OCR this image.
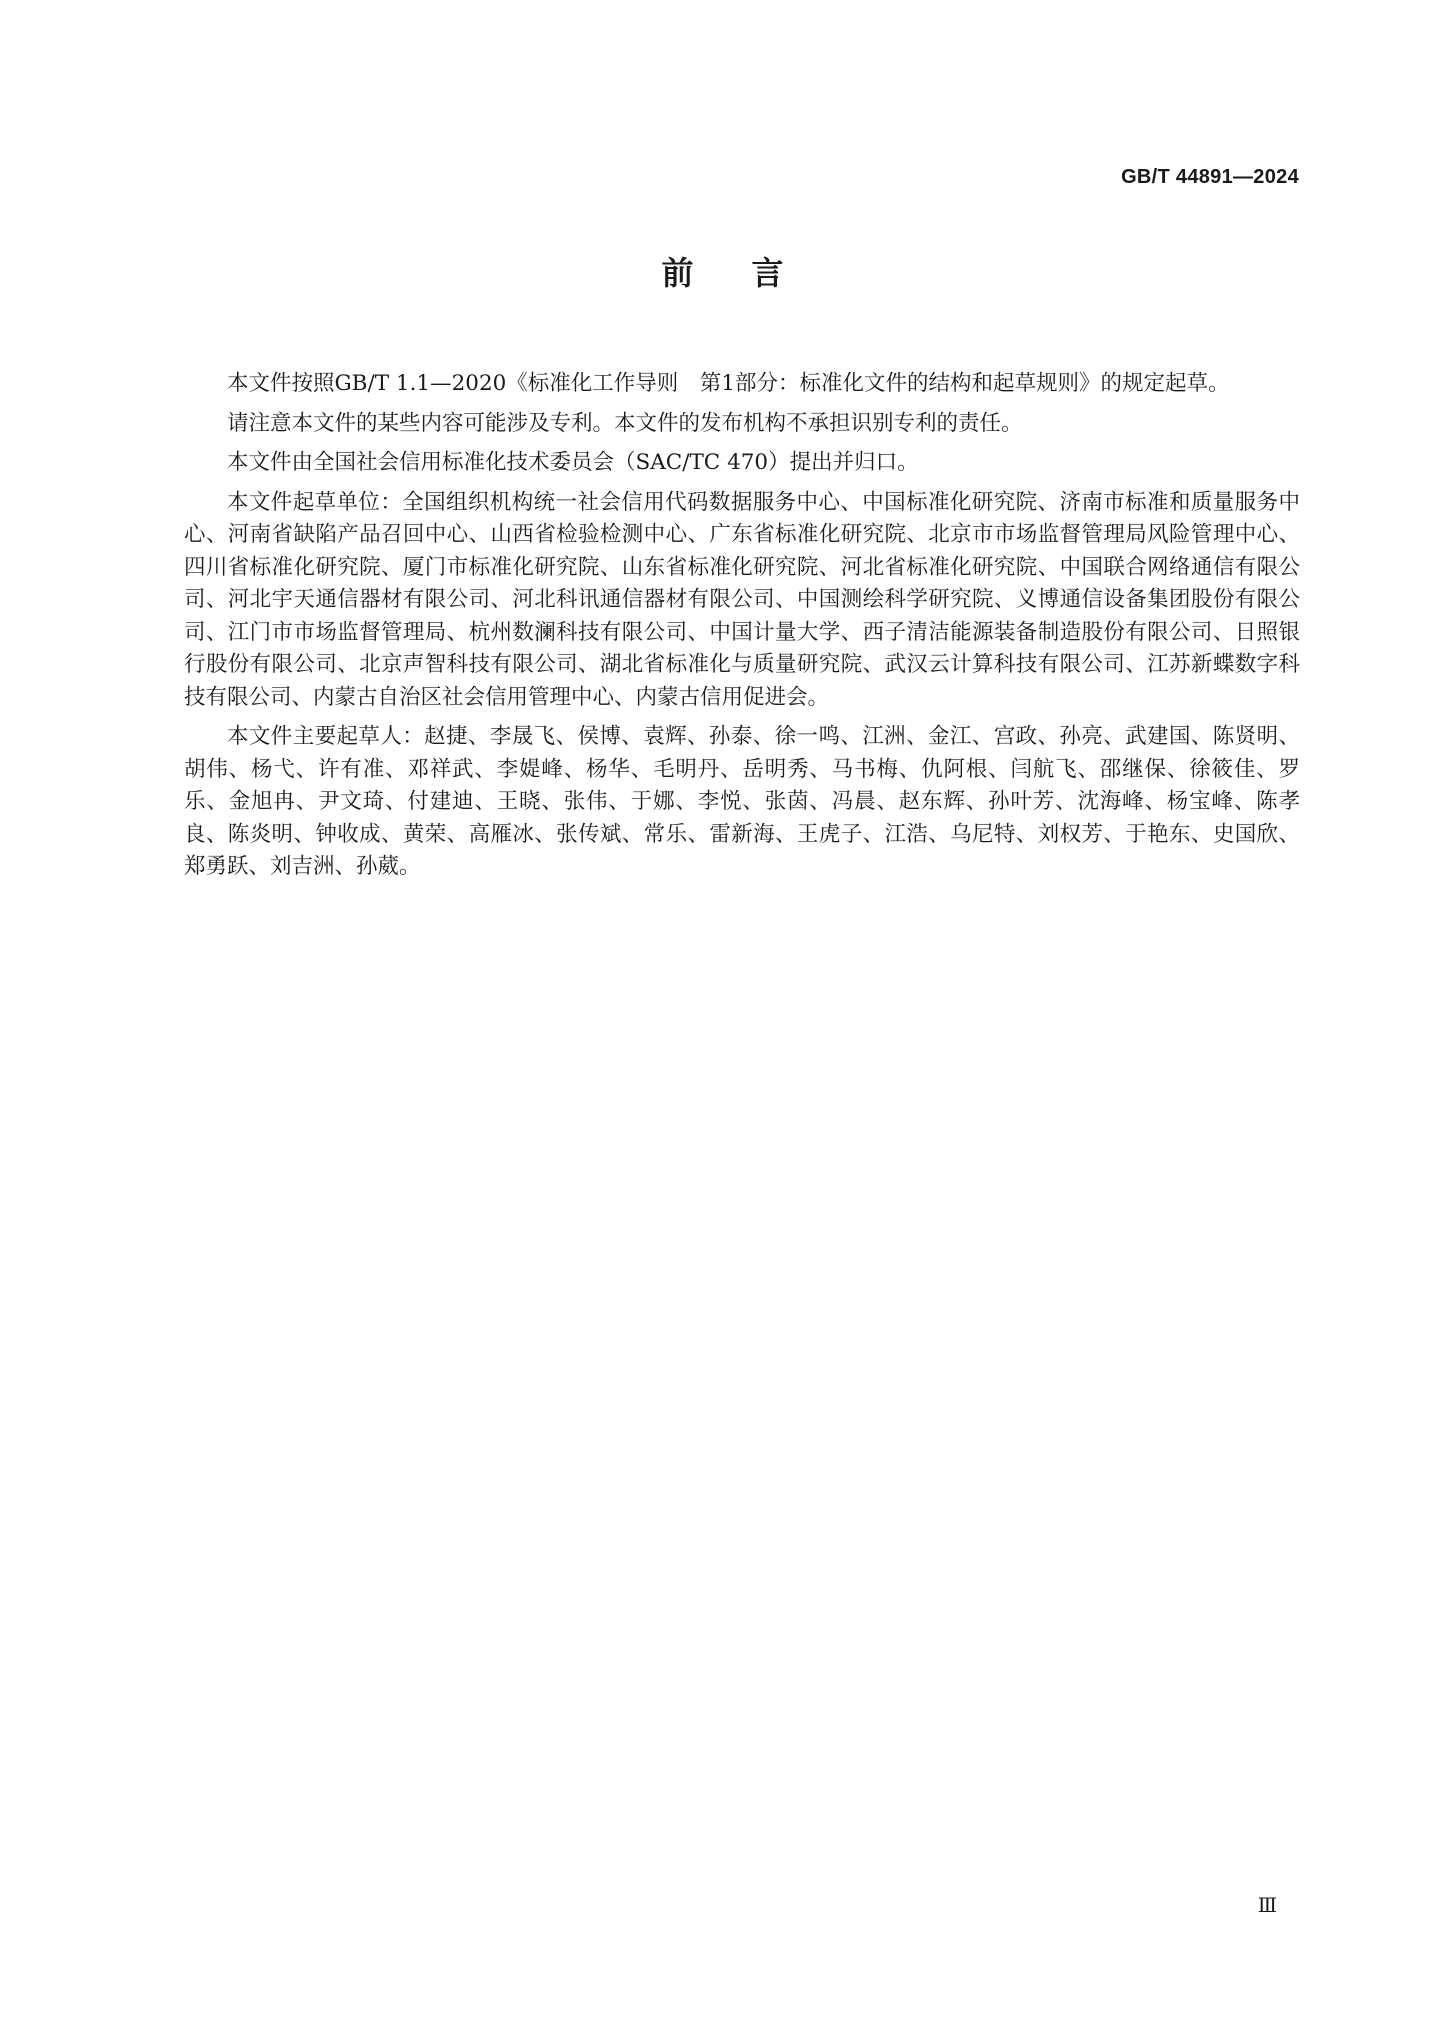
GB/T 44891—2024
前言

本文件按照GB/T 1.1—2020《标准化工作导则　第1部分：标准化文件的结构和起草规则》的规定起草。

请注意本文件的某些内容可能涉及专利。本文件的发布机构不承担识别专利的责任。

本文件由全国社会信用标准化技术委员会（SAC/TC 470）提出并归口。

本文件起草单位：全国组织机构统一社会信用代码数据服务中心、中国标准化研究院、济南市标准和质量服务中心、河南省缺陷产品召回中心、山西省检验检测中心、广东省标准化研究院、北京市市场监督管理局风险管理中心、四川省标准化研究院、厦门市标准化研究院、山东省标准化研究院、河北省标准化研究院、中国联合网络通信有限公司、河北宇天通信器材有限公司、河北科讯通信器材有限公司、中国测绘科学研究院、义博通信设备集团股份有限公司、江门市市场监督管理局、杭州数澜科技有限公司、中国计量大学、西子清洁能源装备制造股份有限公司、日照银行股份有限公司、北京声智科技有限公司、湖北省标准化与质量研究院、武汉云计算科技有限公司、江苏新蝶数字科技有限公司、内蒙古自治区社会信用管理中心、内蒙古信用促进会。

本文件主要起草人：赵捷、李晟飞、侯博、袁辉、孙泰、徐一鸣、江洲、金江、宫政、孙亮、武建国、陈贤明、胡伟、杨弋、许有准、邓祥武、李媞峰、杨华、毛明丹、岳明秀、马书梅、仇阿根、闫航飞、邵继保、徐筱佳、罗乐、金旭冉、尹文琦、付建迪、王晓、张伟、于娜、李悦、张茵、冯晨、赵东辉、孙叶芳、沈海峰、杨宝峰、陈孝良、陈炎明、钟收成、黄荣、高雁冰、张传斌、常乐、雷新海、王虎子、江浩、乌尼特、刘权芳、于艳东、史国欣、郑勇跃、刘吉洲、孙葳。

Ⅲ
